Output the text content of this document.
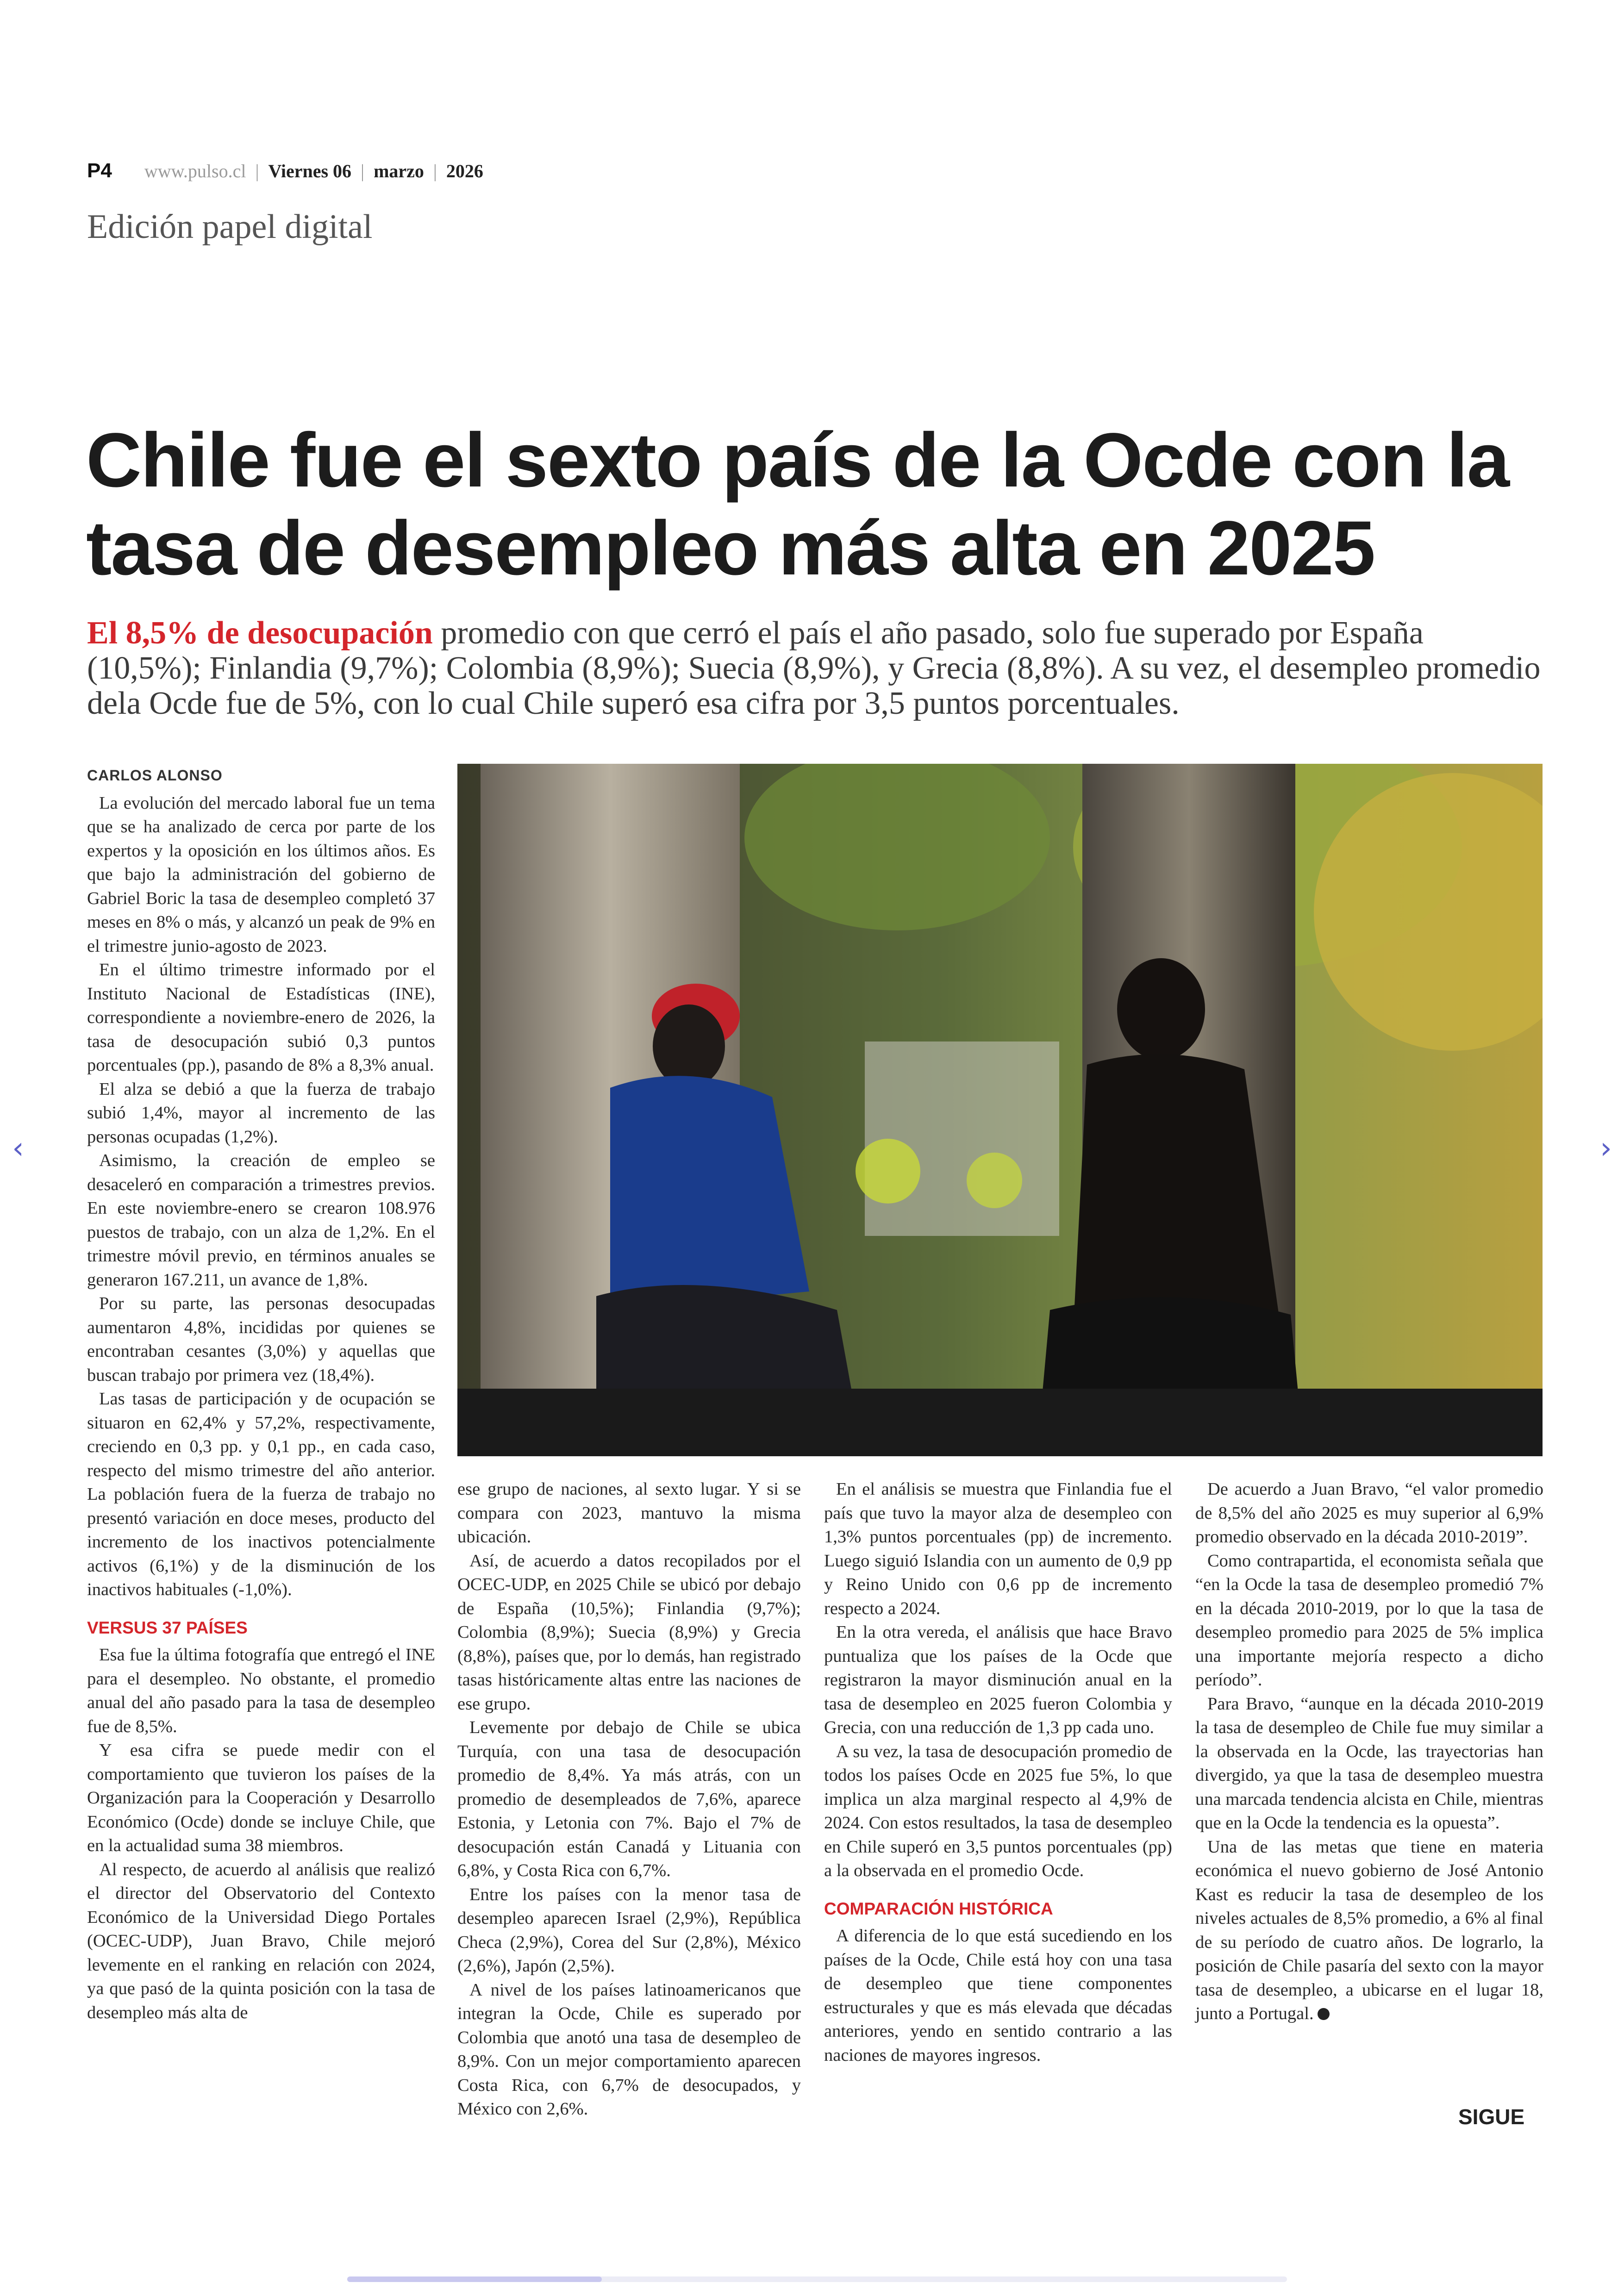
P4 www.pulso.cl | Viernes 06 | marzo | 2026
Edición papel digital
Chile fue el sexto país de la Ocde con la
tasa de desempleo más alta en 2025
El 8,5% de desocupación promedio con que cerró el país el año pasado, solo fue superado por España (10,5%); Finlandia (9,7%); Colombia (8,9%); Suecia (8,9%), y Grecia (8,8%). A su vez, el desempleo promedio dela Ocde fue de 5%, con lo cual Chile superó esa cifra por 3,5 puntos porcentuales.
CARLOS ALONSO

La evolución del mercado laboral fue un tema que se ha analizado de cerca por parte de los expertos y la oposición en los últimos años. Es que bajo la administración del gobierno de Gabriel Boric la tasa de desempleo completó 37 meses en 8% o más, y alcanzó un peak de 9% en el trimestre junio-agosto de 2023.

En el último trimestre informado por el Instituto Nacional de Estadísticas (INE), correspondiente a noviembre-enero de 2026, la tasa de desocupación subió 0,3 puntos porcentuales (pp.), pasando de 8% a 8,3% anual.

El alza se debió a que la fuerza de trabajo subió 1,4%, mayor al incremento de las personas ocupadas (1,2%).

Asimismo, la creación de empleo se desaceleró en comparación a trimestres previos. En este noviembre-enero se crearon 108.976 puestos de trabajo, con un alza de 1,2%. En el trimestre móvil previo, en términos anuales se generaron 167.211, un avance de 1,8%.

Por su parte, las personas desocupadas aumentaron 4,8%, incididas por quienes se encontraban cesantes (3,0%) y aquellas que buscan trabajo por primera vez (18,4%).

Las tasas de participación y de ocupación se situaron en 62,4% y 57,2%, respectivamente, creciendo en 0,3 pp. y 0,1 pp., en cada caso, respecto del mismo trimestre del año anterior. La población fuera de la fuerza de trabajo no presentó variación en doce meses, producto del incremento de los inactivos potencialmente activos (6,1%) y de la disminución de los inactivos habituales (-1,0%).

VERSUS 37 PAÍSES

Esa fue la última fotografía que entregó el INE para el desempleo. No obstante, el promedio anual del año pasado para la tasa de desempleo fue de 8,5%.

Y esa cifra se puede medir con el comportamiento que tuvieron los países de la Organización para la Cooperación y Desarrollo Económico (Ocde) donde se incluye Chile, que en la actualidad suma 38 miembros.

Al respecto, de acuerdo al análisis que realizó el director del Observatorio del Contexto Económico de la Universidad Diego Portales (OCEC-UDP), Juan Bravo, Chile mejoró levemente en el ranking en relación con 2024, ya que pasó de la quinta posición con la tasa de desempleo más alta de

ese grupo de naciones, al sexto lugar. Y si se compara con 2023, mantuvo la misma ubicación.

Así, de acuerdo a datos recopilados por el OCEC-UDP, en 2025 Chile se ubicó por debajo de España (10,5%); Finlandia (9,7%); Colombia (8,9%); Suecia (8,9%) y Grecia (8,8%), países que, por lo demás, han registrado tasas históricamente altas entre las naciones de ese grupo.

Levemente por debajo de Chile se ubica Turquía, con una tasa de desocupación promedio de 8,4%. Ya más atrás, con un promedio de desempleados de 7,6%, aparece Estonia, y Letonia con 7%. Bajo el 7% de desocupación están Canadá y Lituania con 6,8%, y Costa Rica con 6,7%.

Entre los países con la menor tasa de desempleo aparecen Israel (2,9%), República Checa (2,9%), Corea del Sur (2,8%), México (2,6%), Japón (2,5%).

A nivel de los países latinoamericanos que integran la Ocde, Chile es superado por Colombia que anotó una tasa de desempleo de 8,9%. Con un mejor comportamiento aparecen Costa Rica, con 6,7% de desocupados, y México con 2,6%.

En el análisis se muestra que Finlandia fue el país que tuvo la mayor alza de desempleo con 1,3% puntos porcentuales (pp) de incremento. Luego siguió Islandia con un aumento de 0,9 pp y Reino Unido con 0,6 pp de incremento respecto a 2024.

En la otra vereda, el análisis que hace Bravo puntualiza que los países de la Ocde que registraron la mayor disminución anual en la tasa de desempleo en 2025 fueron Colombia y Grecia, con una reducción de 1,3 pp cada uno.

A su vez, la tasa de desocupación promedio de todos los países Ocde en 2025 fue 5%, lo que implica un alza marginal respecto al 4,9% de 2024. Con estos resultados, la tasa de desempleo en Chile superó en 3,5 puntos porcentuales (pp) a la observada en el promedio Ocde.

COMPARACIÓN HISTÓRICA

A diferencia de lo que está sucediendo en los países de la Ocde, Chile está hoy con una tasa de desempleo que tiene componentes estructurales y que es más elevada que décadas anteriores, yendo en sentido contrario a las naciones de mayores ingresos.

De acuerdo a Juan Bravo, “el valor promedio de 8,5% del año 2025 es muy superior al 6,9% promedio observado en la década 2010-2019”.

Como contrapartida, el economista señala que “en la Ocde la tasa de desempleo promedió 7% en la década 2010-2019, por lo que la tasa de desempleo promedio para 2025 de 5% implica una importante mejoría respecto a dicho período”.

Para Bravo, “aunque en la década 2010-2019 la tasa de desempleo de Chile fue muy similar a la observada en la Ocde, las trayectorias han divergido, ya que la tasa de desempleo muestra una marcada tendencia alcista en Chile, mientras que en la Ocde la tendencia es la opuesta”.

Una de las metas que tiene en materia económica el nuevo gobierno de José Antonio Kast es reducir la tasa de desempleo de los niveles actuales de 8,5% promedio, a 6% al final de su período de cuatro años. De lograrlo, la posición de Chile pasaría del sexto con la mayor tasa de desempleo, a ubicarse en el lugar 18, junto a Portugal.

SIGUE
‹	›
